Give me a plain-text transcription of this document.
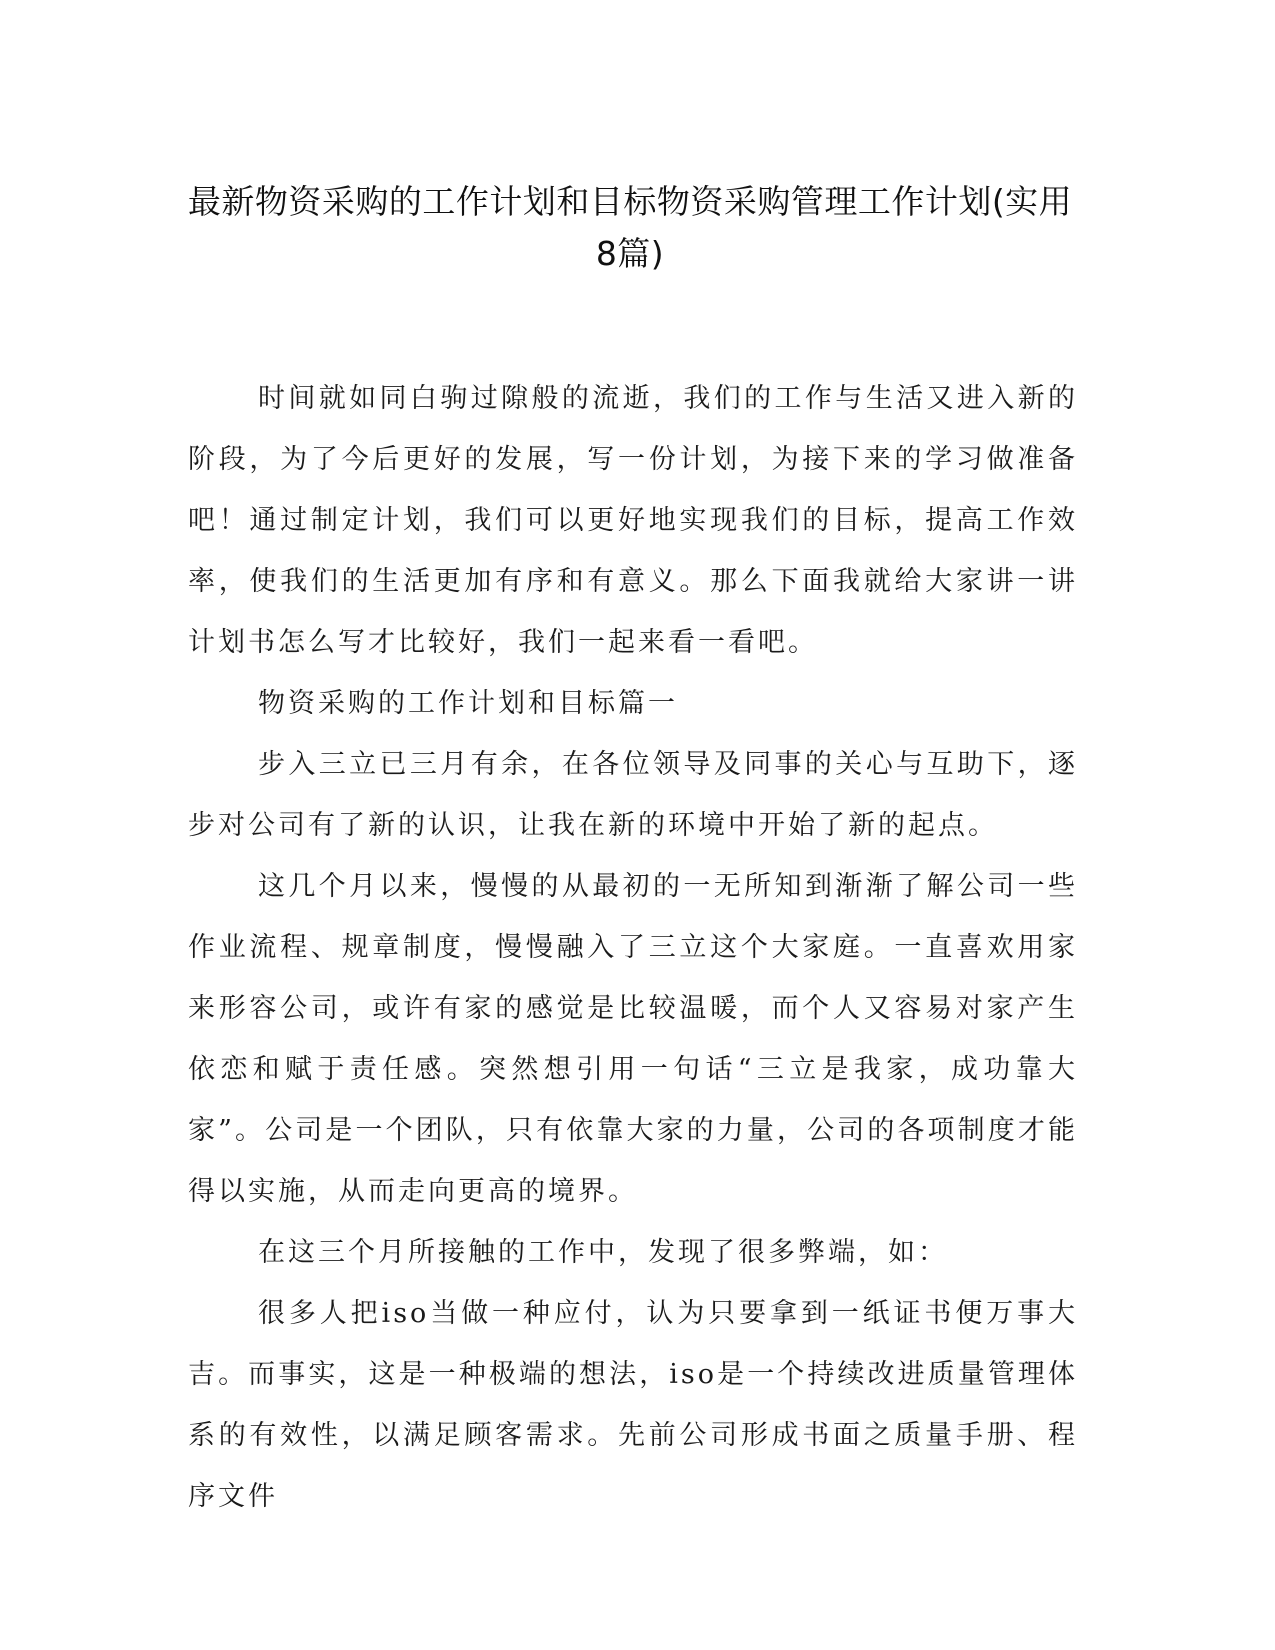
最新物资采购的工作计划和目标物资采购管理工作计划(实用8篇)

时间就如同白驹过隙般的流逝，我们的工作与生活又进入新的阶段，为了今后更好的发展，写一份计划，为接下来的学习做准备吧！通过制定计划，我们可以更好地实现我们的目标，提高工作效率，使我们的生活更加有序和有意义。那么下面我就给大家讲一讲计划书怎么写才比较好，我们一起来看一看吧。

物资采购的工作计划和目标篇一

步入三立已三月有余，在各位领导及同事的关心与互助下，逐步对公司有了新的认识，让我在新的环境中开始了新的起点。

这几个月以来，慢慢的从最初的一无所知到渐渐了解公司一些作业流程、规章制度，慢慢融入了三立这个大家庭。一直喜欢用家来形容公司，或许有家的感觉是比较温暖，而个人又容易对家产生依恋和赋于责任感。突然想引用一句话“三立是我家，成功靠大家”。公司是一个团队，只有依靠大家的力量，公司的各项制度才能得以实施，从而走向更高的境界。

在这三个月所接触的工作中，发现了很多弊端，如：

很多人把iso当做一种应付，认为只要拿到一纸证书便万事大吉。而事实，这是一种极端的想法，iso是一个持续改进质量管理体系的有效性，以满足顾客需求。先前公司形成书面之质量手册、程序文件
